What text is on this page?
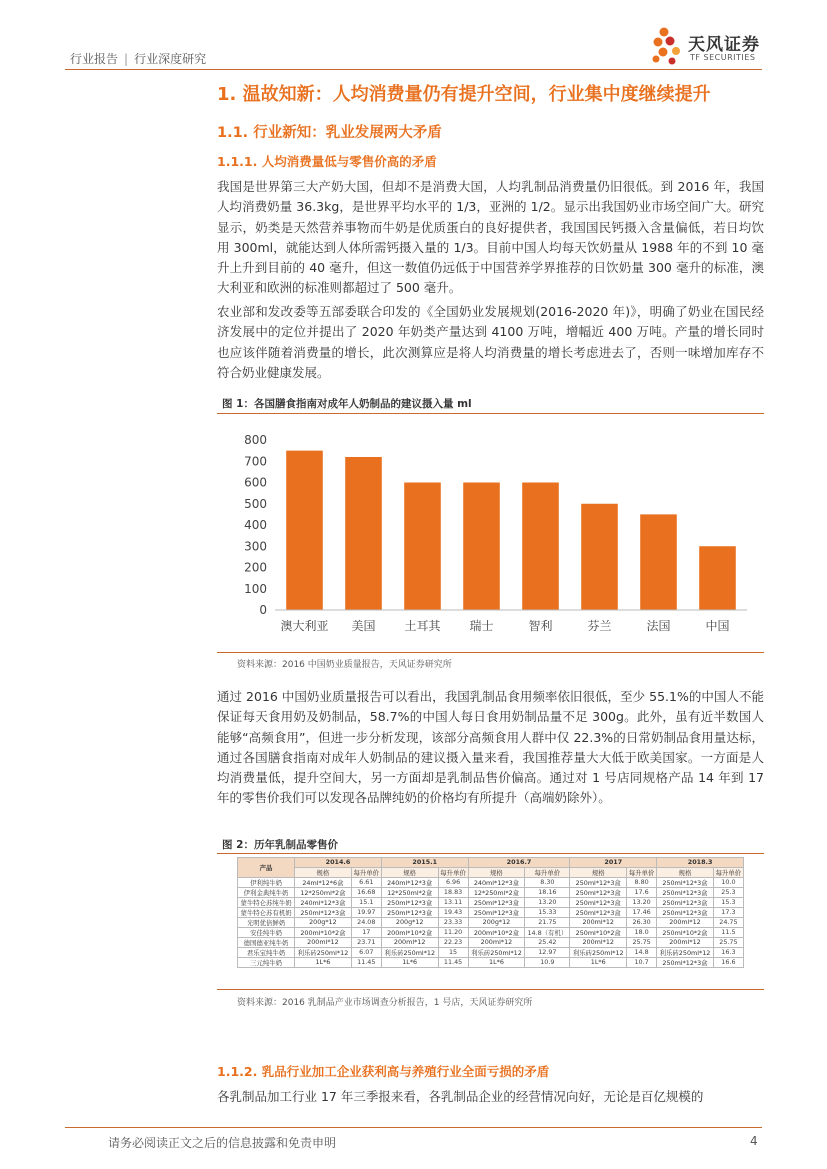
行业报告 | 行业深度研究
天风证券
TF SECURITIES
1. 温故知新：人均消费量仍有提升空间，行业集中度继续提升
1.1. 行业新知：乳业发展两大矛盾
1.1.1. 人均消费量低与零售价高的矛盾
我国是世界第三大产奶大国，但却不是消费大国，人均乳制品消费量仍旧很低。到 2016 年，我国人均消费奶量 36.3kg，是世界平均水平的 1/3，亚洲的 1/2。显示出我国奶业市场空间广大。研究显示，奶类是天然营养事物而牛奶是优质蛋白的良好提供者，我国国民钙摄入含量偏低，若日均饮用 300ml，就能达到人体所需钙摄入量的 1/3。目前中国人均每天饮奶量从 1988 年的不到 10 毫升上升到目前的 40 毫升，但这一数值仍远低于中国营养学界推荐的日饮奶量 300 毫升的标准，澳大利亚和欧洲的标准则都超过了 500 毫升。
农业部和发改委等五部委联合印发的《全国奶业发展规划(2016-2020 年)》，明确了奶业在国民经济发展中的定位并提出了 2020 年奶类产量达到 4100 万吨，增幅近 400 万吨。产量的增长同时也应该伴随着消费量的增长，此次测算应是将人均消费量的增长考虑进去了，否则一味增加库存不符合奶业健康发展。
图 1：各国膳食指南对成年人奶制品的建议摄入量 ml
0
100
200
300
400
500
600
700
800
澳大利亚 美国 土耳其 瑞士	智利	芬兰	法国	中国
资料来源：2016 中国奶业质量报告，天风证券研究所
通过 2016 中国奶业质量报告可以看出，我国乳制品食用频率依旧很低，至少 55.1%的中国人不能保证每天食用奶及奶制品，58.7%的中国人每日食用奶制品量不足 300g。此外，虽有近半数国人能够“高频食用”，但进一步分析发现，该部分高频食用人群中仅 22.3%的日常奶制品食用量达标，通过各国膳食指南对成年人奶制品的建议摄入量来看，我国推荐量大大低于欧美国家。一方面是人均消费量低，提升空间大，另一方面却是乳制品售价偏高。通过对 1 号店同规格产品 14 年到 17 年的零售价我们可以发现各品牌纯奶的价格均有所提升（高端奶除外）。
图 2：历年乳制品零售价
产品	2014.6		2015.1		2016.7		2017		2018.3	
	规格	每升单价	规格	每升单价	规格	每升单价	规格	每升单价	规格	每升单价
伊利纯牛奶	24ml*12*6盒	6.61	240ml*12*3盒	6.96	240ml*12*3盒	8.30	250ml*12*3盒	8.80	250ml*12*3盒	10.0
伊利金典纯牛奶	12*250ml*2盒	16.68	12*250ml*2盒	18.83	12*250ml*2盒	18.16	250ml*12*3盒	17.6	250ml*12*3盒	25.3
蒙牛特仑苏纯牛奶	240ml*12*3盒	15.1	250ml*12*3盒	13.11	250ml*12*3盒	13.20	250ml*12*3盒	13.20	250ml*12*3盒	15.3
蒙牛特仑苏有机奶	250ml*12*3盒	19.97	250ml*12*3盒	19.43	250ml*12*3盒	15.33	250ml*12*3盒	17.46	250ml*12*3盒	17.3
光明优倍鲜奶	200g*12	24.08	200g*12	23.33	200g*12	21.75	200ml*12	26.30	200ml*12	24.75
安佳纯牛奶	200ml*10*2盒	17	200ml*10*2盒	11.20	200ml*10*2盒	14.8（有机）	250ml*10*2盒	18.0	250ml*10*2盒	11.5
德国德亚纯牛奶	200ml*12	23.71	200ml*12	22.23	200ml*12	25.42	200ml*12	25.75	200ml*12	25.75
君乐宝纯牛奶	利乐砖250ml*12	6.07	利乐砖250ml*12	15	利乐砖250ml*12	12.97	利乐砖250ml*12	14.8	利乐砖250ml*12	16.3
三元纯牛奶	1L*6	11.45	1L*6	11.45	1L*6	10.9	1L*6	10.7	250ml*12*3盒	16.6
资料来源：2016 乳制品产业市场调查分析报告，1 号店，天风证券研究所
1.1.2. 乳品行业加工企业获利高与养殖行业全面亏损的矛盾
各乳制品加工行业 17 年三季报来看，各乳制品企业的经营情况向好，无论是百亿规模的
请务必阅读正文之后的信息披露和免责申明	4
